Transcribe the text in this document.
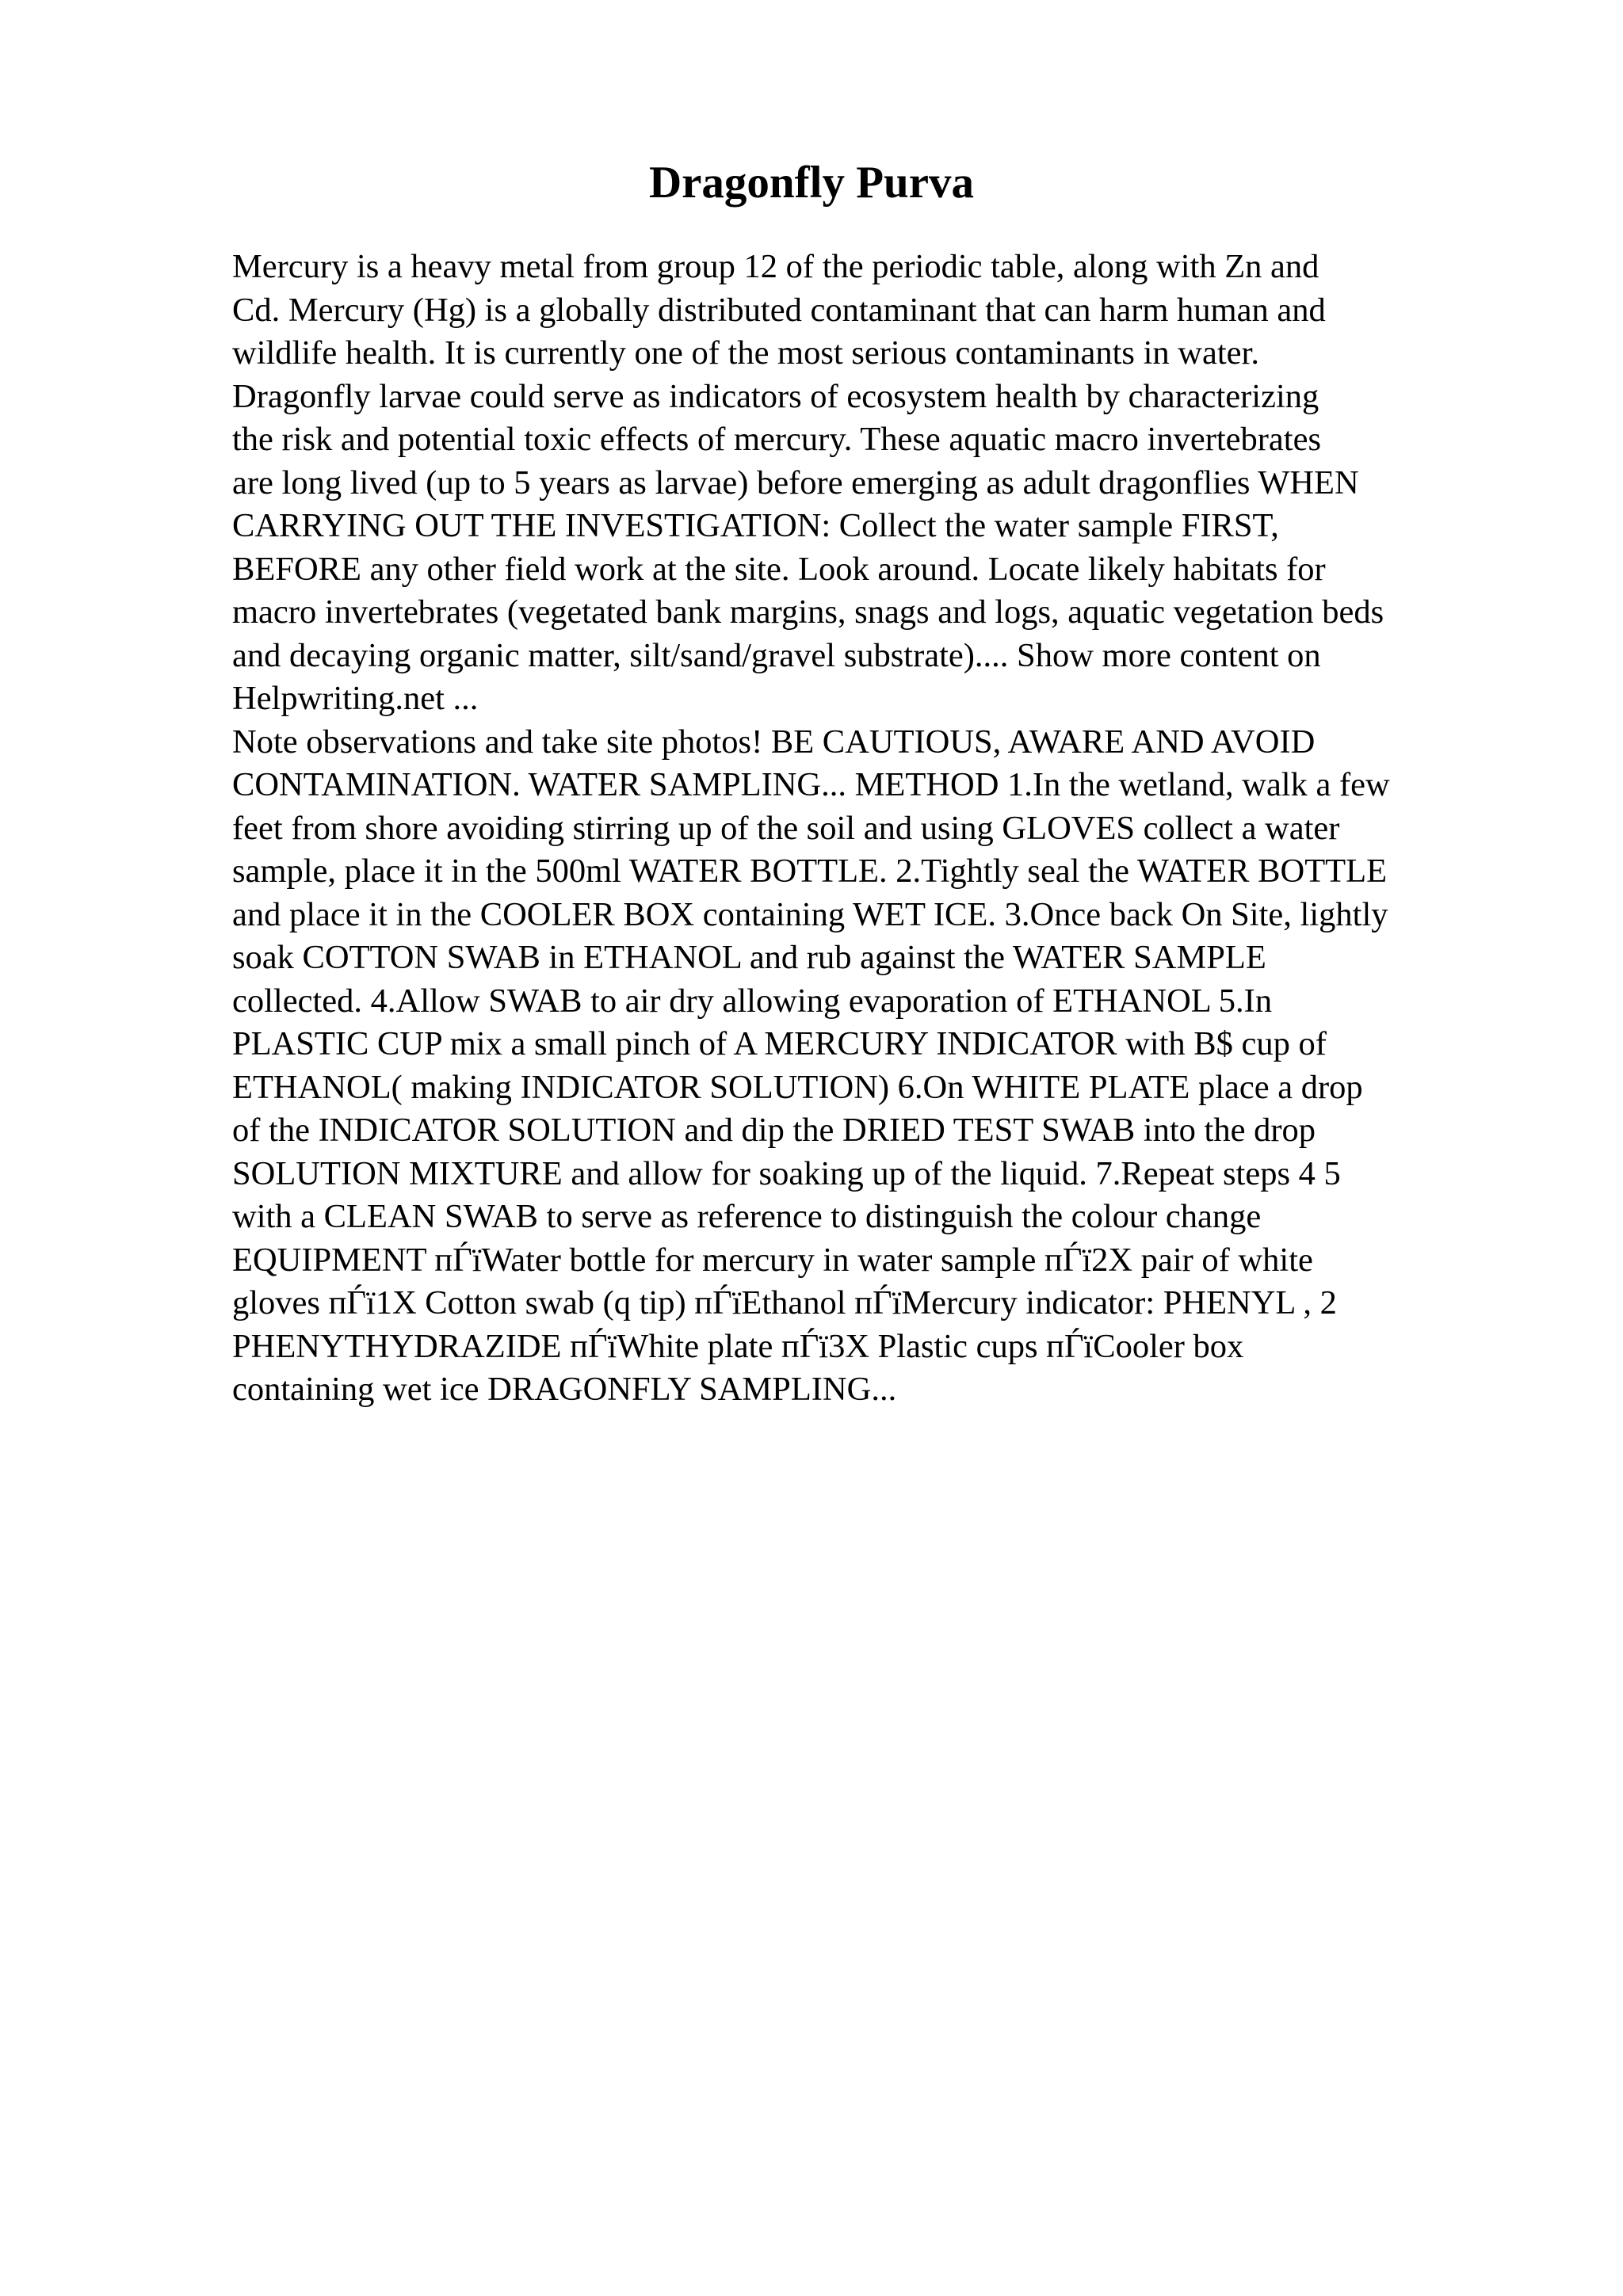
Dragonfly Purva
Mercury is a heavy metal from group 12 of the periodic table, along with Zn and
Cd. Mercury (Hg) is a globally distributed contaminant that can harm human and
wildlife health. It is currently one of the most serious contaminants in water.
Dragonfly larvae could serve as indicators of ecosystem health by characterizing
the risk and potential toxic effects of mercury. These aquatic macro invertebrates
are long lived (up to 5 years as larvae) before emerging as adult dragonflies WHEN
CARRYING OUT THE INVESTIGATION: Collect the water sample FIRST,
BEFORE any other field work at the site. Look around. Locate likely habitats for
macro invertebrates (vegetated bank margins, snags and logs, aquatic vegetation beds
and decaying organic matter, silt/sand/gravel substrate).... Show more content on
Helpwriting.net ...
Note observations and take site photos! BE CAUTIOUS, AWARE AND AVOID
CONTAMINATION. WATER SAMPLING... METHOD 1.In the wetland, walk a few
feet from shore avoiding stirring up of the soil and using GLOVES collect a water
sample, place it in the 500ml WATER BOTTLE. 2.Tightly seal the WATER BOTTLE
and place it in the COOLER BOX containing WET ICE. 3.Once back On Site, lightly
soak COTTON SWAB in ETHANOL and rub against the WATER SAMPLE
collected. 4.Allow SWAB to air dry allowing evaporation of ETHANOL 5.In
PLASTIC CUP mix a small pinch of A MERCURY INDICATOR with В$ cup of
ETHANOL( making INDICATOR SOLUTION) 6.On WHITE PLATE place a drop
of the INDICATOR SOLUTION and dip the DRIED TEST SWAB into the drop
SOLUTION MIXTURE and allow for soaking up of the liquid. 7.Repeat steps 4 5
with a CLEAN SWAB to serve as reference to distinguish the colour change
EQUIPMENT пЃїWater bottle for mercury in water sample пЃї2X pair of white
gloves пЃї1X Cotton swab (q tip) пЃїEthanol пЃїMercury indicator: PHENYL , 2
PHENYTHYDRAZIDE пЃїWhite plate пЃї3X Plastic cups пЃїCooler box
containing wet ice DRAGONFLY SAMPLING...
